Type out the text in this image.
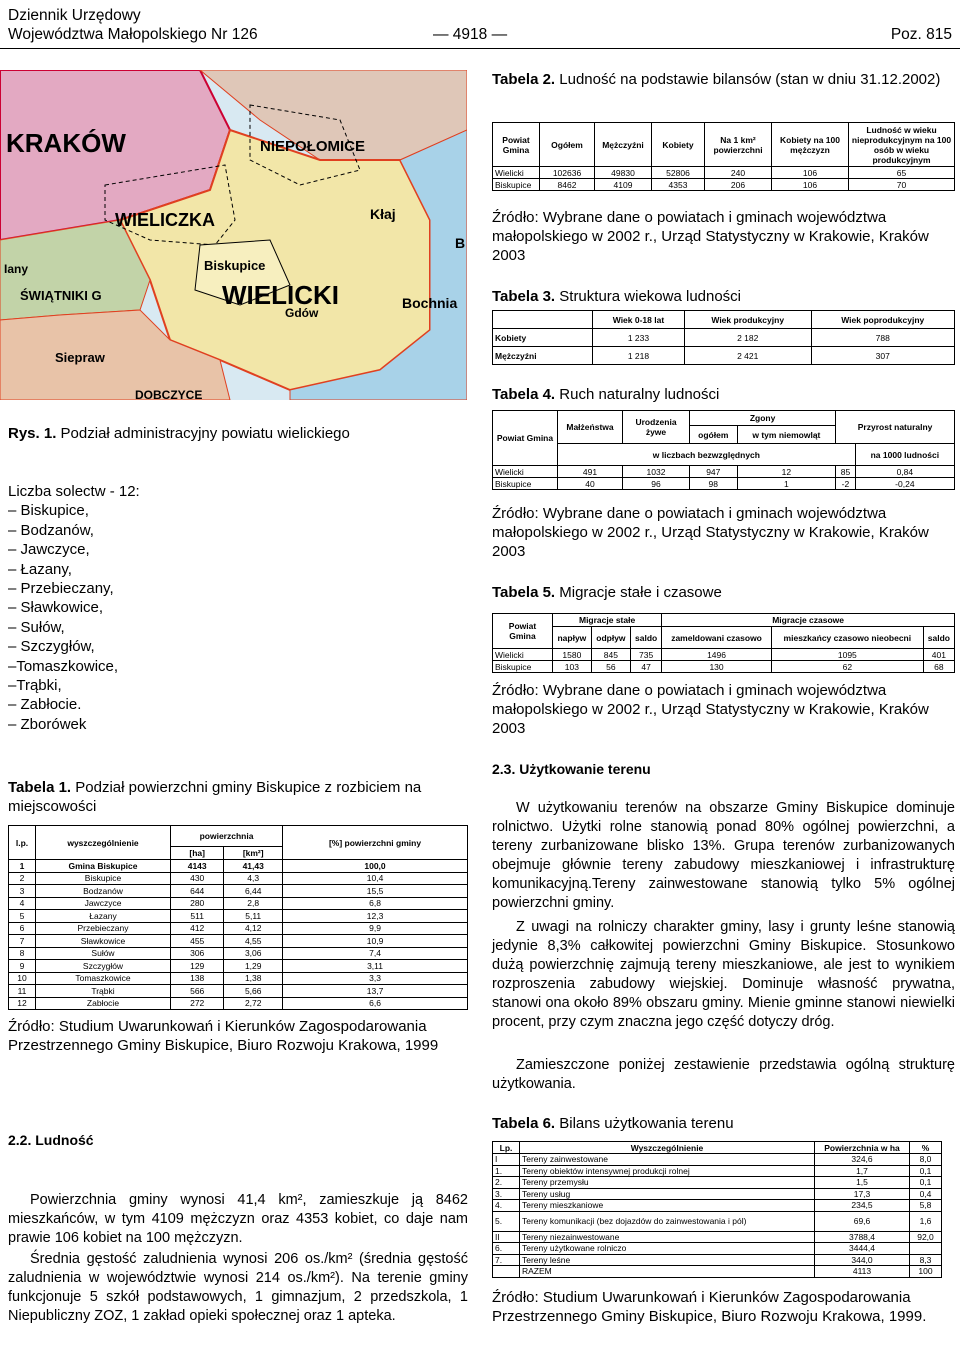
Dziennik Urzędowy
Województwa Małopolskiego Nr 126	— 4918 —	Poz. 815
KRAKÓW	NIEPOŁOMICE
WIELICZKA	Kłaj
Biskupice
WIELICKI	Bochnia
Iany
ŚWIĄTNIKI G
Gdów
Siepraw
DOBCZYCE
B
Rys. 1. Podział administracyjny powiatu wielickiego
Liczba solectw - 12:
– Biskupice,
– Bodzanów,
– Jawczyce,
– Łazany,
– Przebieczany,
– Sławkowice,
– Sułów,
– Szczygłów,
–Tomaszkowice,
–Trąbki,
– Zabłocie.
– Zborówek
Tabela 1. Podział powierzchni gminy Biskupice z rozbiciem na miejscowości
l.p.	wyszczególnienie	powierzchnia		[%] powierzchni gminy
		[ha]	[km²]	
1	Gmina Biskupice	4143	41,43	100,0
2	Biskupice	430	4,3	10,4
3	Bodzanów	644	6,44	15,5
4	Jawczyce	280	2,8	6,8
5	Łazany	511	5,11	12,3
6	Przebieczany	412	4,12	9,9
7	Sławkowice	455	4,55	10,9
8	Sułów	306	3,06	7,4
9	Szczygłów	129	1,29	3,11
10	Tomaszkowice	138	1,38	3,3
11	Trąbki	566	5,66	13,7
12	Zabłocie	272	2,72	6,6
Źródło: Studium Uwarunkowań i Kierunków Zagospodarowania Przestrzennego Gminy Biskupice, Biuro Rozwoju Krakowa, 1999
2.2. Ludność
Powierzchnia gminy wynosi 41,4 km², zamieszkuje ją 8462 mieszkańców, w tym 4109 mężczyzn oraz 4353 kobiet, co daje nam prawie 106 kobiet na 100 mężczyzn.
Średnia gęstość zaludnienia wynosi 206 os./km² (średnia gęstość zaludnienia w województwie wynosi 214 os./km²). Na terenie gminy funkcjonuje 5 szkół podstawowych, 1 gimnazjum, 2 przedszkola, 1 Niepubliczny ZOZ, 1 zakład opieki społecznej oraz 1 apteka.
Tabela 2. Ludność na podstawie bilansów (stan w dniu 31.12.2002)
Powiat Gmina	Ogółem	Mężczyźni	Kobiety	Na 1 km² powierzchni	Kobiety na 100 mężczyzn	Ludność w wieku nieprodukcyjnym na 100 osób w wieku produkcyjnym
Wielicki	102636	49830	52806	240	106	65
Biskupice	8462	4109	4353	206	106	70
Źródło: Wybrane dane o powiatach i gminach województwa małopolskiego w 2002 r., Urząd Statystyczny w Krakowie, Kraków 2003
Tabela 3. Struktura wiekowa ludności
	Wiek 0-18 lat	Wiek produkcyjny	Wiek poprodukcyjny
Kobiety	1 233	2 182	788
Mężczyźni	1 218	2 421	307
Tabela 4. Ruch naturalny ludności
Powiat Gmina	Małżeństwa	Urodzenia żywe	Zgony		Przyrost naturalny	
			ogółem	w tym niemowląt		
	w liczbach bezwzględnych					na 1000 ludności
Wielicki	491	1032	947	12	85	0,84
Biskupice	40	96	98	1	-2	-0,24
Źródło: Wybrane dane o powiatach i gminach województwa małopolskiego w 2002 r., Urząd Statystyczny w Krakowie, Kraków 2003
Tabela 5. Migracje stałe i czasowe
Powiat Gmina	Migracje stałe			Migracje czasowe		
	napływ	odpływ	saldo	zameldowani czasowo	mieszkańcy czasowo nieobecni	saldo
Wielicki	1580	845	735	1496	1095	401
Biskupice	103	56	47	130	62	68
Źródło: Wybrane dane o powiatach i gminach województwa małopolskiego w 2002 r., Urząd Statystyczny w Krakowie, Kraków 2003
2.3. Użytkowanie terenu
W użytkowaniu terenów na obszarze Gminy Biskupice dominuje rolnictwo. Użytki rolne stanowią ponad 80% ogólnej powierzchni, a tereny zurbanizowane blisko 13%. Grupa terenów zurbanizowanych obejmuje głównie tereny zabudowy mieszkaniowej i infrastrukturę komunikacyjną.Tereny zainwestowane stanowią tylko 5% ogólnej powierzchni gminy.
Z uwagi na rolniczy charakter gminy, lasy i grunty leśne stanowią jedynie 8,3% całkowitej powierzchni Gminy Biskupice. Stosunkowo dużą powierzchnię zajmują tereny mieszkaniowe, ale jest to wynikiem rozproszenia zabudowy wiejskiej. Dominuje własność prywatna, stanowi ona około 89% obszaru gminy. Mienie gminne stanowi niewielki procent, przy czym znaczna jego część dotyczy dróg.
Zamieszczone poniżej zestawienie przedstawia ogólną strukturę użytkowania.
Tabela 6. Bilans użytkowania terenu
Lp.	Wyszczególnienie	Powierzchnia w ha	%
I	Tereny zainwestowane	324,6	8,0
1.	Tereny obiektów intensywnej produkcji rolnej	1,7	0,1
2.	Tereny przemysłu	1,5	0,1
3.	Tereny usług	17,3	0,4
4.	Tereny mieszkaniowe	234,5	5,8
5.	Tereny komunikacji (bez dojazdów do zainwestowania i pól)	69,6	1,6
II	Tereny niezainwestowane	3788,4	92,0
6.	Tereny użytkowane rolniczo	3444,4	
7.	Tereny leśne	344,0	8,3
	RAZEM	4113	100
Źródło: Studium Uwarunkowań i Kierunków Zagospodarowania Przestrzennego Gminy Biskupice, Biuro Rozwoju Krakowa, 1999.
